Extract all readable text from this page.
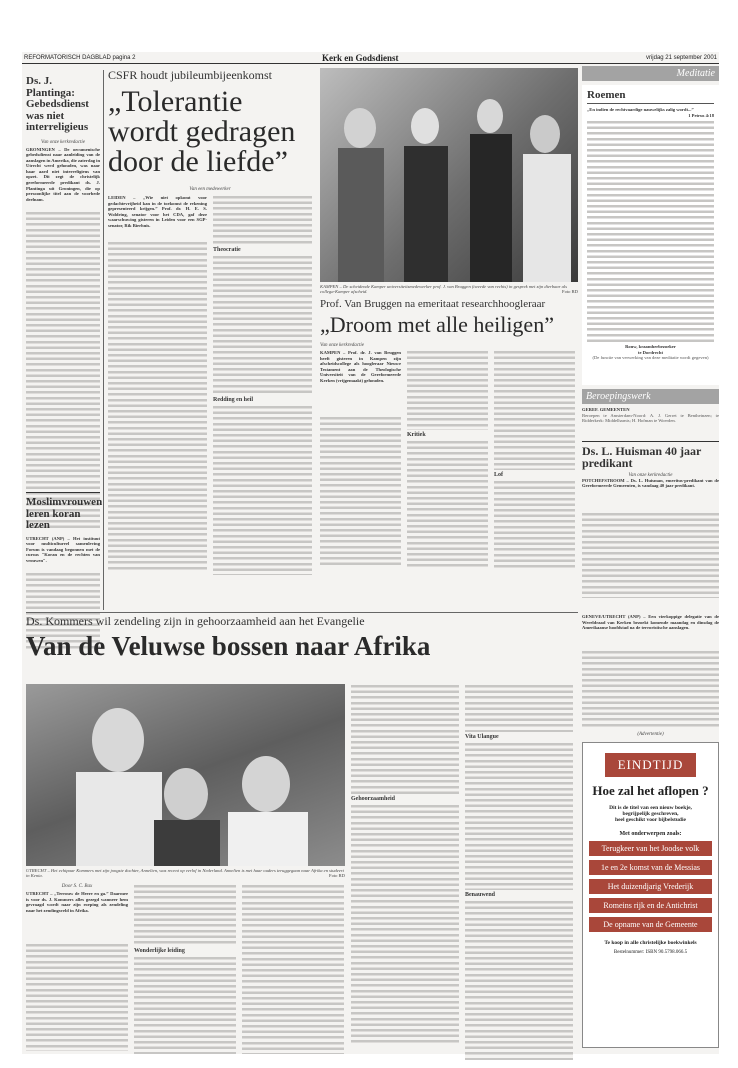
REFORMATORISCH DAGBLAD pagina 2	Kerk en Godsdienst	vrijdag 21 september 2001
Ds. J. Plantinga: Gebedsdienst was niet interreligieus
Van onze kerkredactie
GRONINGEN – De oecumenische gebedsdienst naar aanleiding van de aanslagen in Amerika, die zaterdag in Utrecht werd gehouden, was naar haar aard niet interreligieus van opzet. Dit zegt de christelijk gereformeerde predikant ds. J. Plantinga uit Groningen, die op persoonlijke titel aan de voorbede deelnam.
Moslimvrouwen leren koran lezen
UTRECHT (ANP) – Het instituut voor multicultureel samenleving Forum is vandaag begonnen met de cursus "Koran en de rechten van vrouwen".
CSFR houdt jubileumbijeenkomst
„Tolerantie wordt gedragen door de liefde”
Van een medewerker
LEIDEN – „Wie niet opkomt voor gedachtevrijheid kan in de toekomst de rekening gepresenteerd krijgen.” Prof. dr. H. E. S. Woldring, senator voor het CDA, gaf deze waarschuwing gisteren in Leiden voor een SGP-senator, Rik Bierhuis.
Theocratie
Redding en heil
KAMPEN – De scheidende Kamper universiteitsmedewerker prof. J. van Bruggen (tweede van rechts) in gesprek met zijn dierbaar als collega-Kamper afscheid.	Foto RD
Prof. Van Bruggen na emeritaat researchhoogleraar
„Droom met alle heiligen”
Van onze kerkredactie
KAMPEN – Prof. dr. J. van Bruggen heeft gisteren in Kampen zijn afscheidscollege als hoogleraar Nieuwe Testament aan de Theologische Universiteit van de Gereformeerde Kerken (vrijgemaakt) gehouden.
Kritiek
Lof
Meditatie
Roemen
„En indien de rechtvaardige nauwelijks zalig wordt...”
1 Petrus 4:18
Rouw, kraamherbezoeker
te Dordrecht
(De functie van verwerking van deze meditatie wordt gegeven)
Beroepingswerk
GEREF. GEMEENTEN
Beroepen te Amsterdam-Noord: A. J. Gerret te Bentheinzen; te Ridderkerk: Middelharnis; H. Hofman te Woerden.
Ds. L. Huisman 40 jaar predikant
Van onze kerkredactie
POTCHEFSTROOM – Ds. L. Huisman, emeritus-predikant van de Gereformeerde Gemeenten, is vandaag 40 jaar predikant.
Ds. Kommers wil zendeling zijn in gehoorzaamheid aan het Evangelie
Van de Veluwse bossen naar Afrika
UTRECHT – Het echtpaar Kommers met zijn jongste dochter, Annelien, was recent op verlof in Nederland. Annelien is met haar ouders teruggegaan naar Afrika en studeert in Kenia.	Foto RD
Door S. C. Bax
UTRECHT – „Terrouw de Heere en ga.” Daarmee is voor ds. J. Kommers alles gezegd wanneer hem gevraagd wordt naar zijn roeping als zendeling naar het zendingsveld in Afrika.
Wonderlijke leiding
Gehoorzaamheid
Vita Ulangue
Benauwend
GENEVE/UTRECHT (ANP) – Een vierkoppige delegatie van de Wereldraad van Kerken bezoekt komende maandag en dinsdag de Amerikaanse hoofdstad na de terroristische aanslagen.
(Advertentie)
EINDTIJD
Hoe zal het aflopen ?
Dit is de titel van een nieuw boekje,
begrijpelijk geschreven,
heel geschikt voor bijbelstudie
Met onderwerpen zoals:
Terugkeer van het Joodse volk
1e en 2e komst van de Messias
Het duizendjarig Vrederijk
Romeins rijk en de Antichrist
De opname van de Gemeente
Te koop in alle christelijke boekwinkels
Bestelnummer: ISBN 90.5798.066.5
